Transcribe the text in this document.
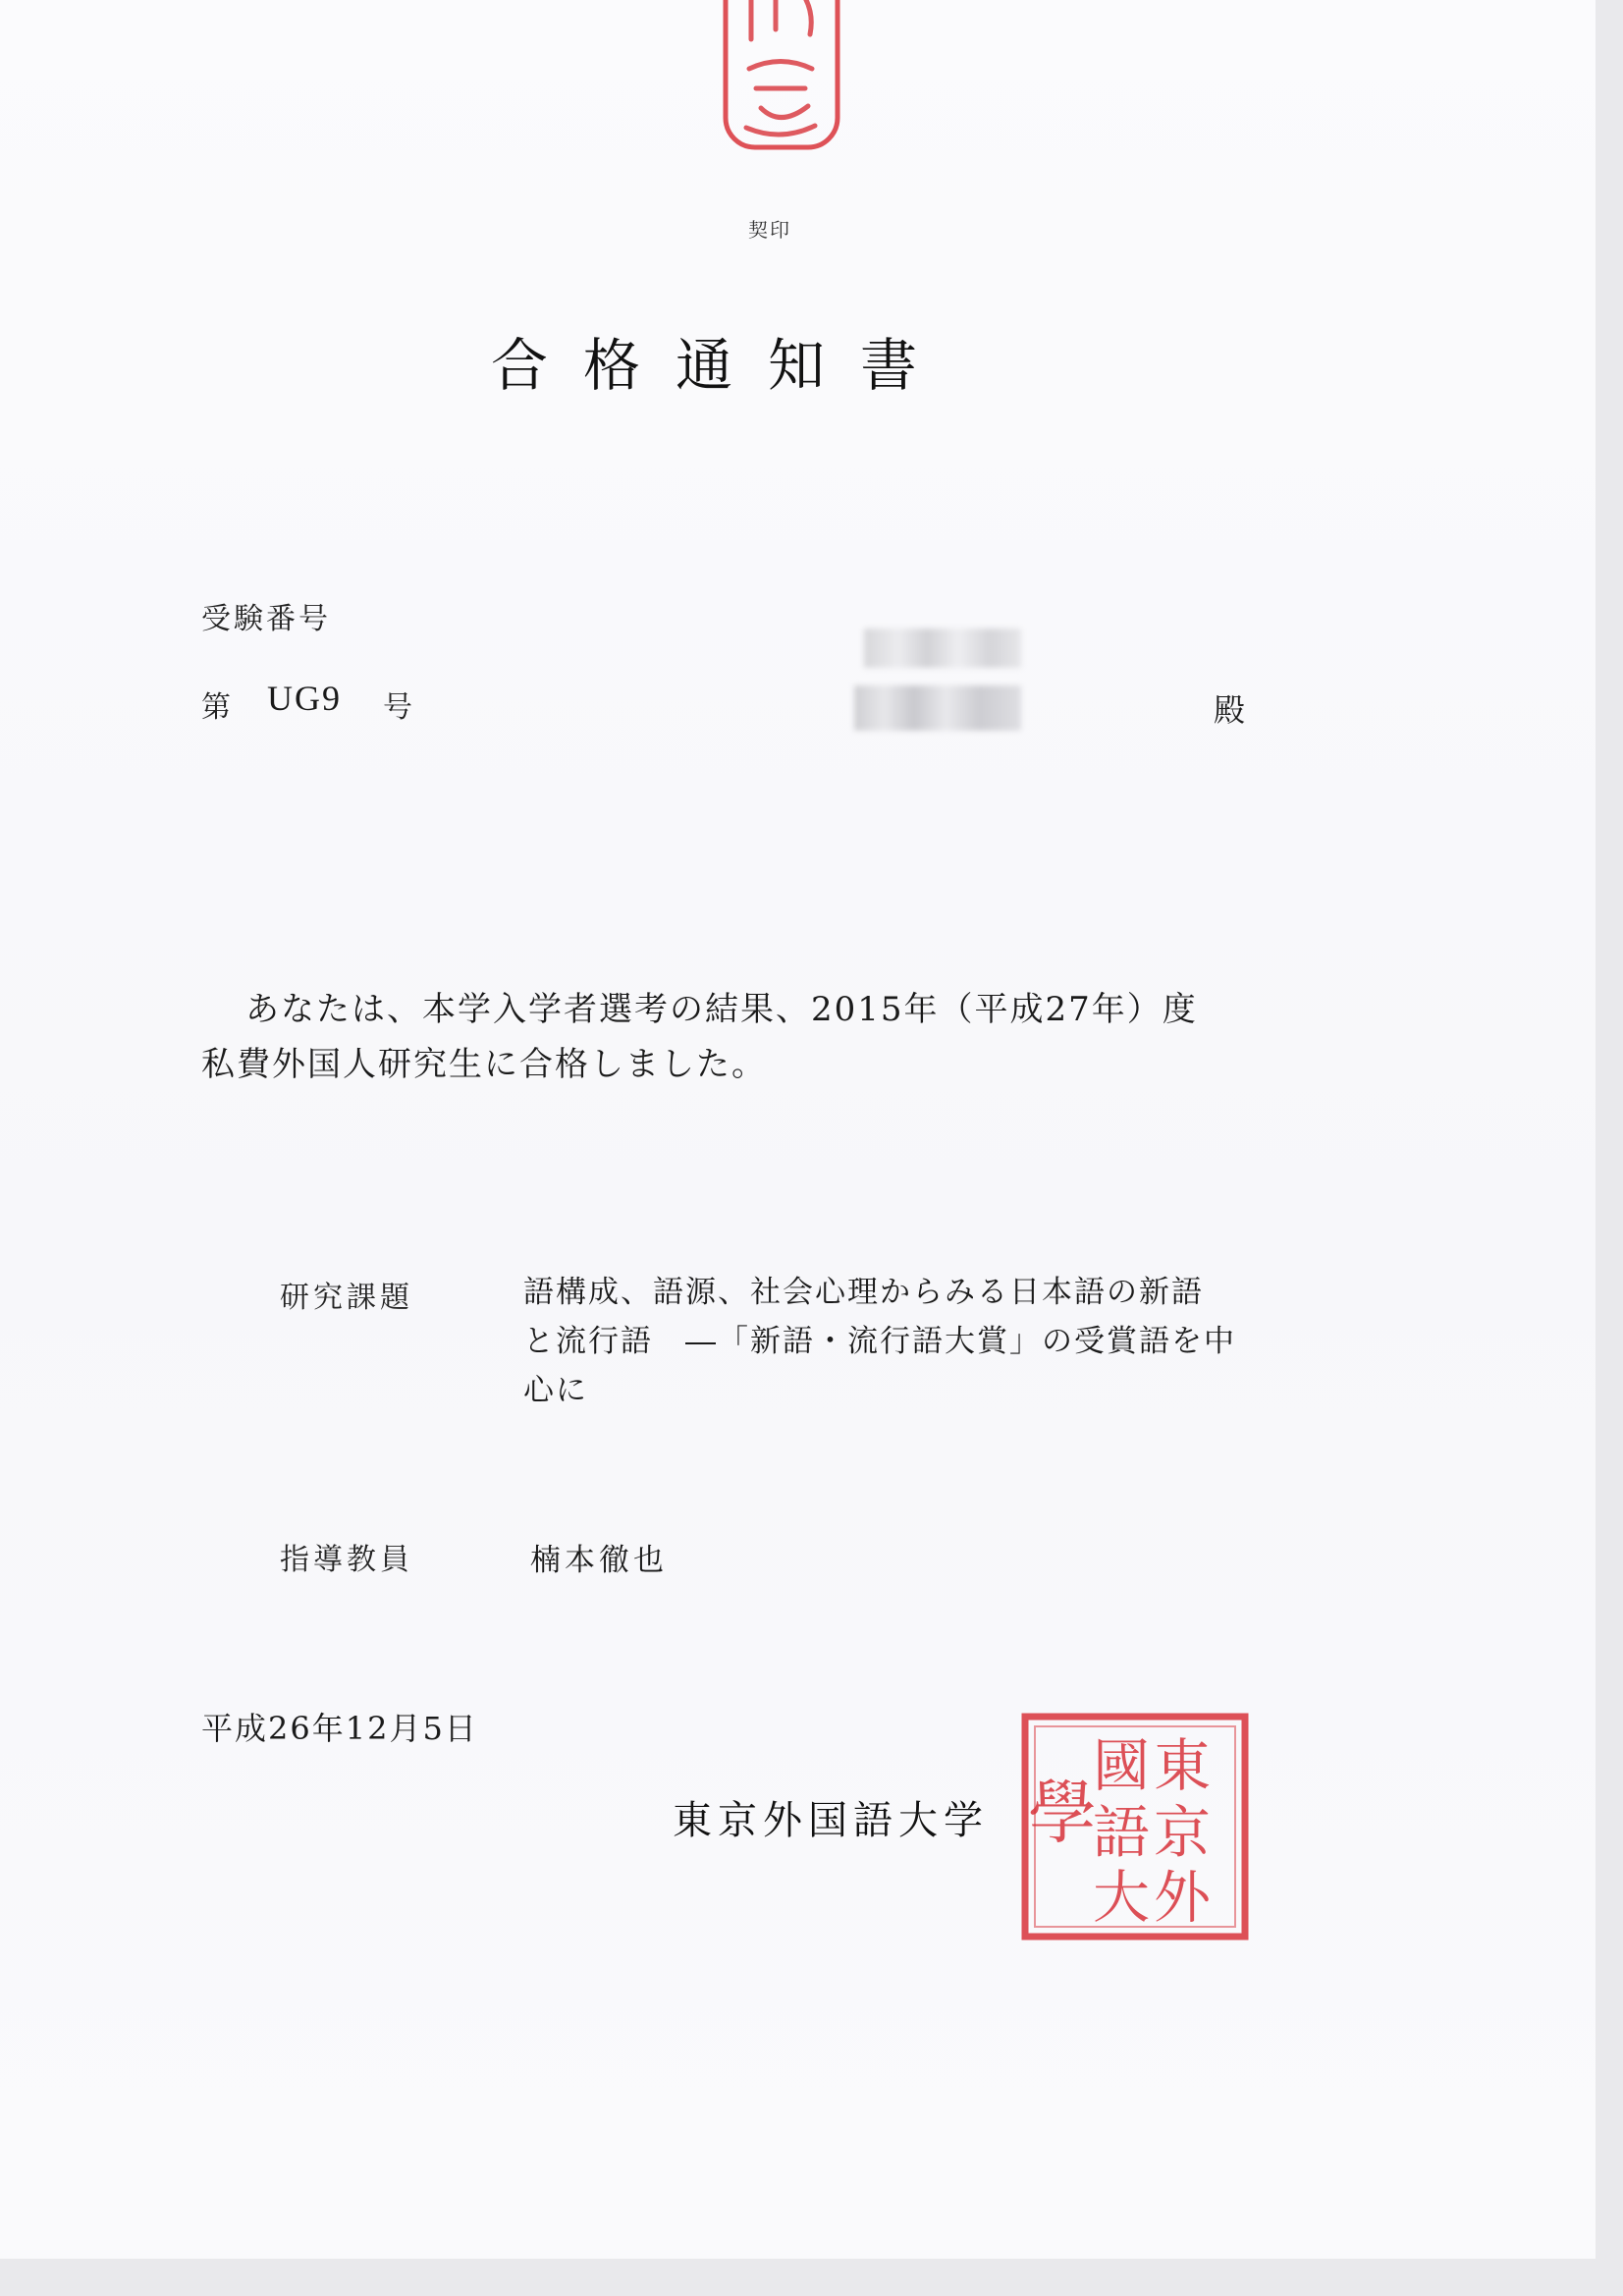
契印
合格通知書
受験番号
第 UG9 号	殿
あなたは、本学入学者選考の結果、2015年（平成27年）度
私費外国人研究生に合格しました。
研究課題	語構成、語源、社会心理からみる日本語の新語
と流行語　―「新語・流行語大賞」の受賞語を中
心に
指導教員	楠本徹也
平成26年12月5日
東京外国語大学
東
京
外
國
語
大
學
